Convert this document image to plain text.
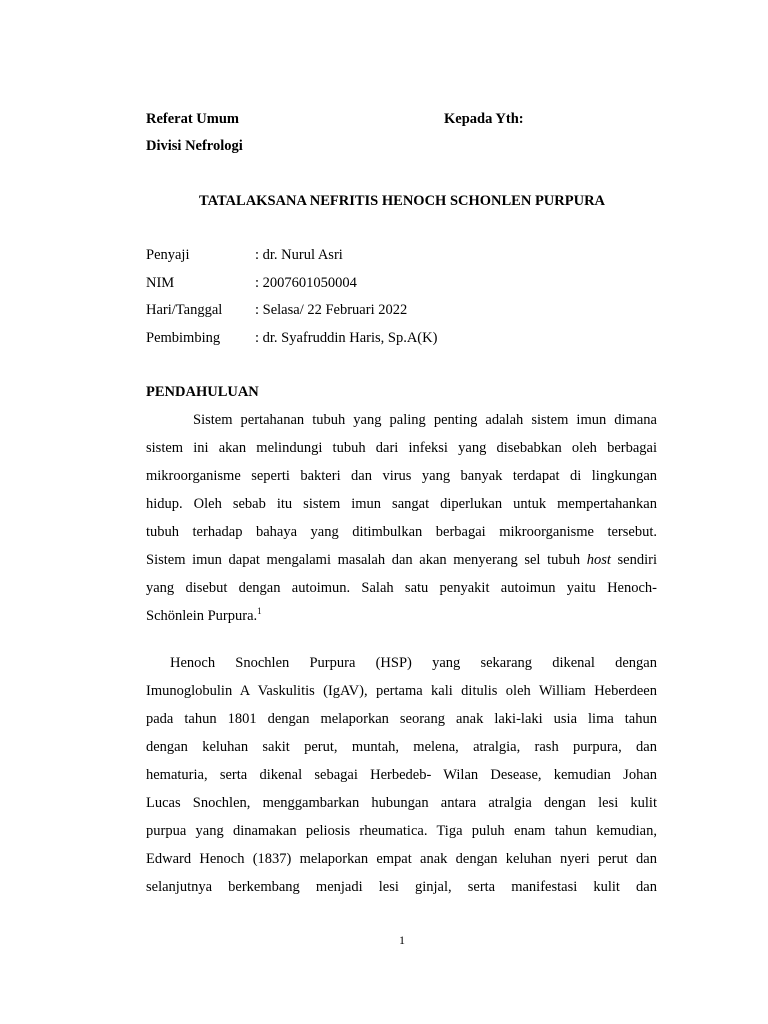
Referat Umum	Kepada Yth:
Divisi Nefrologi
TATALAKSANA NEFRITIS HENOCH SCHONLEN PURPURA
Penyaji	: dr. Nurul Asri
NIM	: 2007601050004
Hari/Tanggal : Selasa/ 22 Februari 2022
Pembimbing : dr. Syafruddin Haris, Sp.A(K)
PENDAHULUAN
Sistem pertahanan tubuh yang paling penting adalah sistem imun dimana
sistem ini akan melindungi tubuh dari infeksi yang disebabkan oleh berbagai
mikroorganisme seperti bakteri dan virus yang banyak terdapat di lingkungan
hidup. Oleh sebab itu sistem imun sangat diperlukan untuk mempertahankan
tubuh terhadap bahaya yang ditimbulkan berbagai mikroorganisme tersebut.
Sistem imun dapat mengalami masalah dan akan menyerang sel tubuh host sendiri
yang disebut dengan autoimun. Salah satu penyakit autoimun yaitu Henoch-
Schönlein Purpura.$^1$
Henoch Snochlen Purpura (HSP) yang sekarang dikenal dengan
Imunoglobulin A Vaskulitis (IgAV), pertama kali ditulis oleh William Heberdeen
pada tahun 1801 dengan melaporkan seorang anak laki-laki usia lima tahun
dengan keluhan sakit perut, muntah, melena, atralgia, rash purpura, dan
hematuria, serta dikenal sebagai Herbedeb- Wilan Desease, kemudian Johan
Lucas Snochlen, menggambarkan hubungan antara atralgia dengan lesi kulit
purpua yang dinamakan peliosis rheumatica. Tiga puluh enam tahun kemudian,
Edward Henoch (1837) melaporkan empat anak dengan keluhan nyeri perut dan
selanjutnya berkembang menjadi lesi ginjal, serta manifestasi kulit dan
1
